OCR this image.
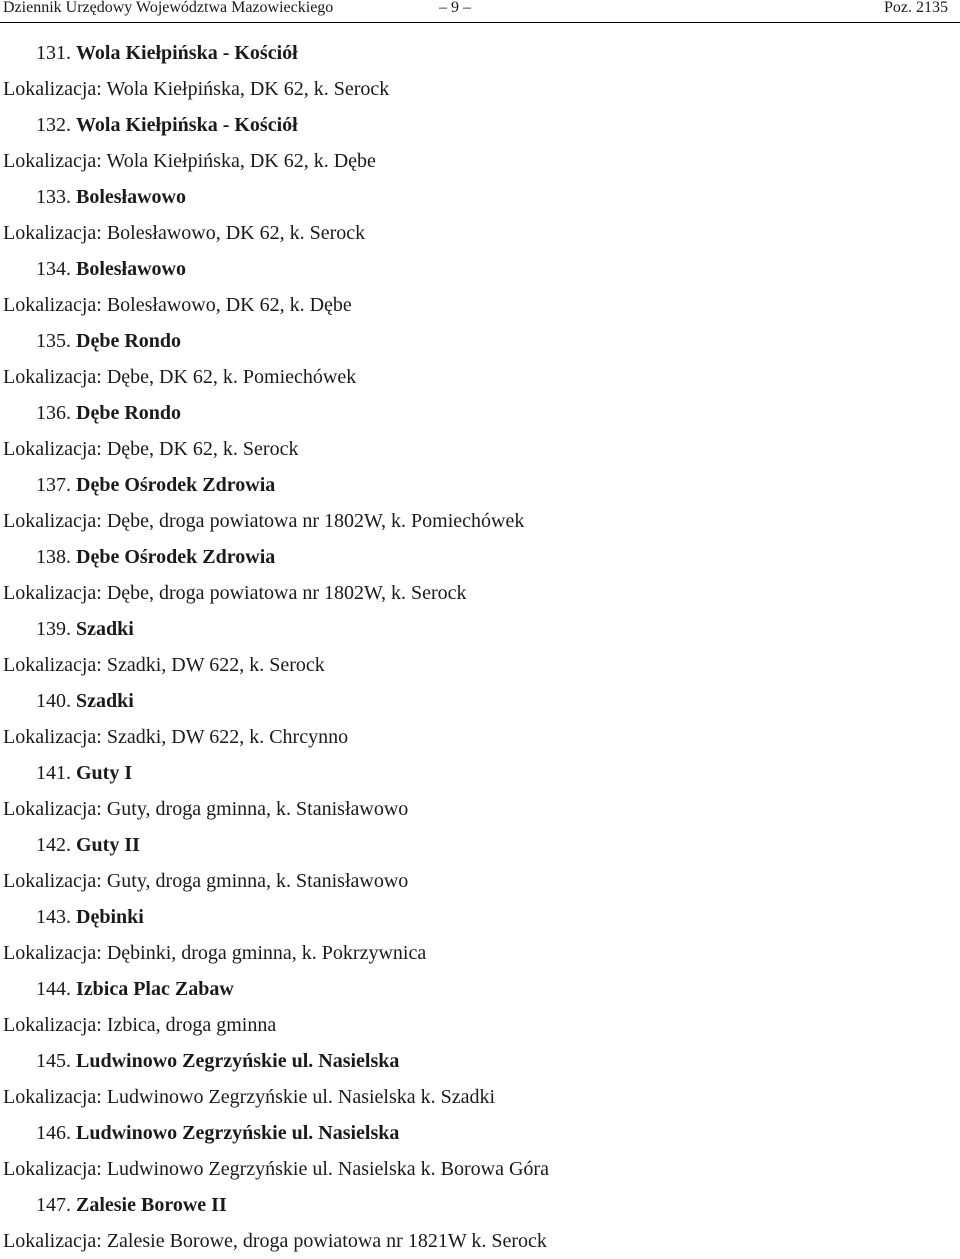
Dziennik Urzędowy Województwa Mazowieckiego	– 9 –	Poz. 2135
131. Wola Kiełpińska - Kościół
Lokalizacja: Wola Kiełpińska, DK 62, k. Serock
132. Wola Kiełpińska - Kościół
Lokalizacja: Wola Kiełpińska, DK 62, k. Dębe
133. Bolesławowo
Lokalizacja: Bolesławowo, DK 62, k. Serock
134. Bolesławowo
Lokalizacja: Bolesławowo, DK 62, k. Dębe
135. Dębe Rondo
Lokalizacja: Dębe, DK 62, k. Pomiechówek
136. Dębe Rondo
Lokalizacja: Dębe, DK 62, k. Serock
137. Dębe Ośrodek Zdrowia
Lokalizacja: Dębe, droga powiatowa nr 1802W, k. Pomiechówek
138. Dębe Ośrodek Zdrowia
Lokalizacja: Dębe, droga powiatowa nr 1802W, k. Serock
139. Szadki
Lokalizacja: Szadki, DW 622, k. Serock
140. Szadki
Lokalizacja: Szadki, DW 622, k. Chrcynno
141. Guty I
Lokalizacja: Guty, droga gminna, k. Stanisławowo
142. Guty II
Lokalizacja: Guty, droga gminna, k. Stanisławowo
143. Dębinki
Lokalizacja: Dębinki, droga gminna, k. Pokrzywnica
144. Izbica Plac Zabaw
Lokalizacja: Izbica, droga gminna
145. Ludwinowo Zegrzyńskie ul. Nasielska
Lokalizacja: Ludwinowo Zegrzyńskie ul. Nasielska k. Szadki
146. Ludwinowo Zegrzyńskie ul. Nasielska
Lokalizacja: Ludwinowo Zegrzyńskie ul. Nasielska k. Borowa Góra
147. Zalesie Borowe II
Lokalizacja: Zalesie Borowe, droga powiatowa nr 1821W k. Serock
